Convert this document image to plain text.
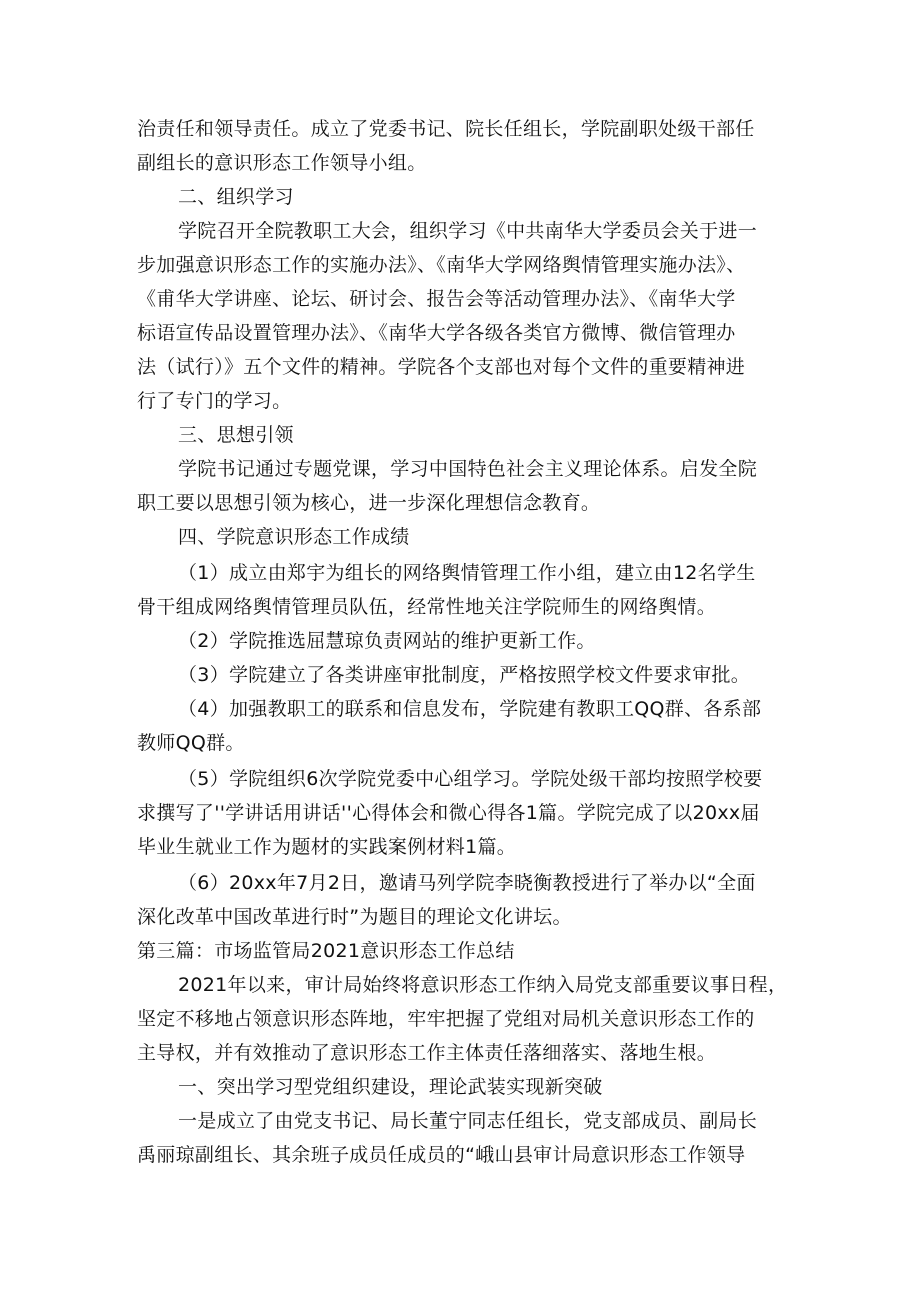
治责任和领导责任。成立了党委书记、院长任组长，学院副职处级干部任
副组长的意识形态工作领导小组。
二、组织学习
学院召开全院教职工大会，组织学习《中共南华大学委员会关于进一
步加强意识形态工作的实施办法》、《南华大学网络舆情管理实施办法》、
《甫华大学讲座、论坛、研讨会、报告会等活动管理办法》、《南华大学
标语宣传品设置管理办法》、《南华大学各级各类官方微博、微信管理办
法（试行）》五个文件的精神。学院各个支部也对每个文件的重要精神进
行了专门的学习。
三、思想引领
学院书记通过专题党课，学习中国特色社会主义理论体系。启发全院
职工要以思想引领为核心，进一步深化理想信念教育。
四、学院意识形态工作成绩
（1）成立由郑宇为组长的网络舆情管理工作小组，建立由12名学生
骨干组成网络舆情管理员队伍，经常性地关注学院师生的网络舆情。
（2）学院推选屈慧琼负责网站的维护更新工作。
（3）学院建立了各类讲座审批制度，严格按照学校文件要求审批。
（4）加强教职工的联系和信息发布，学院建有教职工QQ群、各系部
教师QQ群。
（5）学院组织6次学院党委中心组学习。学院处级干部均按照学校要
求撰写了''学讲话用讲话''心得体会和微心得各1篇。学院完成了以20xx届
毕业生就业工作为题材的实践案例材料1篇。
（6）20xx年7月2日，邀请马列学院李晓衡教授进行了举办以“全面
深化改革中国改革进行时”为题目的理论文化讲坛。
第三篇：市场监管局2021意识形态工作总结
2021年以来，审计局始终将意识形态工作纳入局党支部重要议事日程，
坚定不移地占领意识形态阵地，牢牢把握了党组对局机关意识形态工作的
主导权，并有效推动了意识形态工作主体责任落细落实、落地生根。
一、突出学习型党组织建设，理论武装实现新突破
一是成立了由党支书记、局长董宁同志任组长，党支部成员、副局长
禹丽琼副组长、其余班子成员任成员的“峨山县审计局意识形态工作领导
